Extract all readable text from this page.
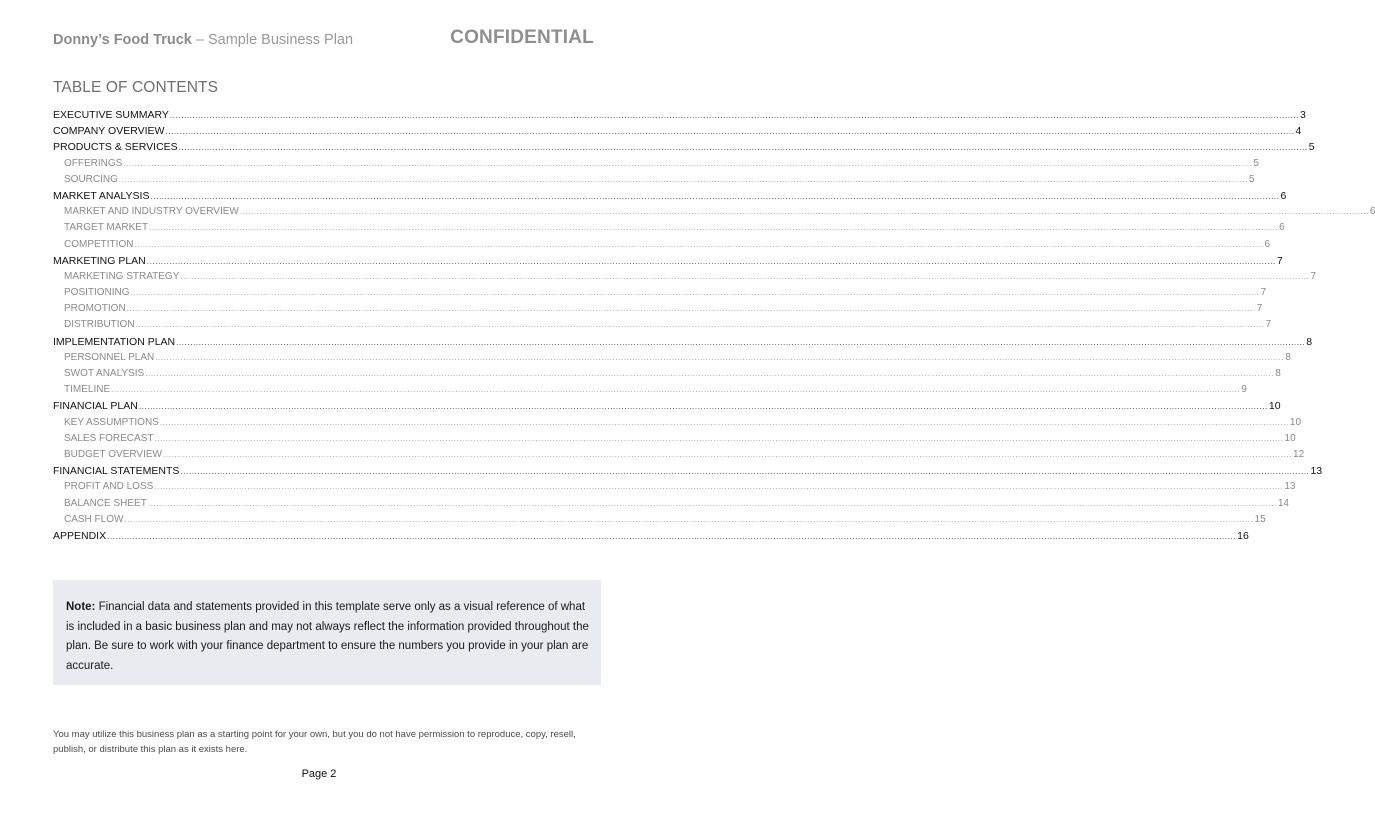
Donny’s Food Truck – Sample Business Plan	CONFIDENTIAL
TABLE OF CONTENTS
EXECUTIVE SUMMARY ................................................................................................................................................................................................................................................................................................................................................................................................................ 3
COMPANY OVERVIEW ................................................................................................................................................................................................................................................................................................................................................................................................................ 4
PRODUCTS & SERVICES ................................................................................................................................................................................................................................................................................................................................................................................................................ 5
OFFERINGS ................................................................................................................................................................................................................................................................................................................................................................................................................ 5
SOURCING ................................................................................................................................................................................................................................................................................................................................................................................................................ 5
MARKET ANALYSIS ................................................................................................................................................................................................................................................................................................................................................................................................................ 6
MARKET AND INDUSTRY OVERVIEW ................................................................................................................................................................................................................................................................................................................................................................................................................ 6
TARGET MARKET ................................................................................................................................................................................................................................................................................................................................................................................................................ 6
COMPETITION ................................................................................................................................................................................................................................................................................................................................................................................................................ 6
MARKETING PLAN ................................................................................................................................................................................................................................................................................................................................................................................................................ 7
MARKETING STRATEGY ................................................................................................................................................................................................................................................................................................................................................................................................................ 7
POSITIONING ................................................................................................................................................................................................................................................................................................................................................................................................................ 7
PROMOTION ................................................................................................................................................................................................................................................................................................................................................................................................................ 7
DISTRIBUTION ................................................................................................................................................................................................................................................................................................................................................................................................................ 7
IMPLEMENTATION PLAN ................................................................................................................................................................................................................................................................................................................................................................................................................ 8
PERSONNEL PLAN ................................................................................................................................................................................................................................................................................................................................................................................................................ 8
SWOT ANALYSIS ................................................................................................................................................................................................................................................................................................................................................................................................................ 8
TIMELINE ................................................................................................................................................................................................................................................................................................................................................................................................................ 9
FINANCIAL PLAN ................................................................................................................................................................................................................................................................................................................................................................................................................ 10
KEY ASSUMPTIONS ................................................................................................................................................................................................................................................................................................................................................................................................................ 10
SALES FORECAST ................................................................................................................................................................................................................................................................................................................................................................................................................ 10
BUDGET OVERVIEW ................................................................................................................................................................................................................................................................................................................................................................................................................ 12
FINANCIAL STATEMENTS ................................................................................................................................................................................................................................................................................................................................................................................................................ 13
PROFIT AND LOSS ................................................................................................................................................................................................................................................................................................................................................................................................................ 13
BALANCE SHEET ................................................................................................................................................................................................................................................................................................................................................................................................................ 14
CASH FLOW ................................................................................................................................................................................................................................................................................................................................................................................................................ 15
APPENDIX ................................................................................................................................................................................................................................................................................................................................................................................................................ 16
Note: Financial data and statements provided in this template serve only as a visual reference of what is included in a basic business plan and may not always reflect the information provided throughout the plan. Be sure to work with your finance department to ensure the numbers you provide in your plan are accurate.
You may utilize this business plan as a starting point for your own, but you do not have permission to reproduce, copy, resell, publish, or distribute this plan as it exists here.
Page 2
